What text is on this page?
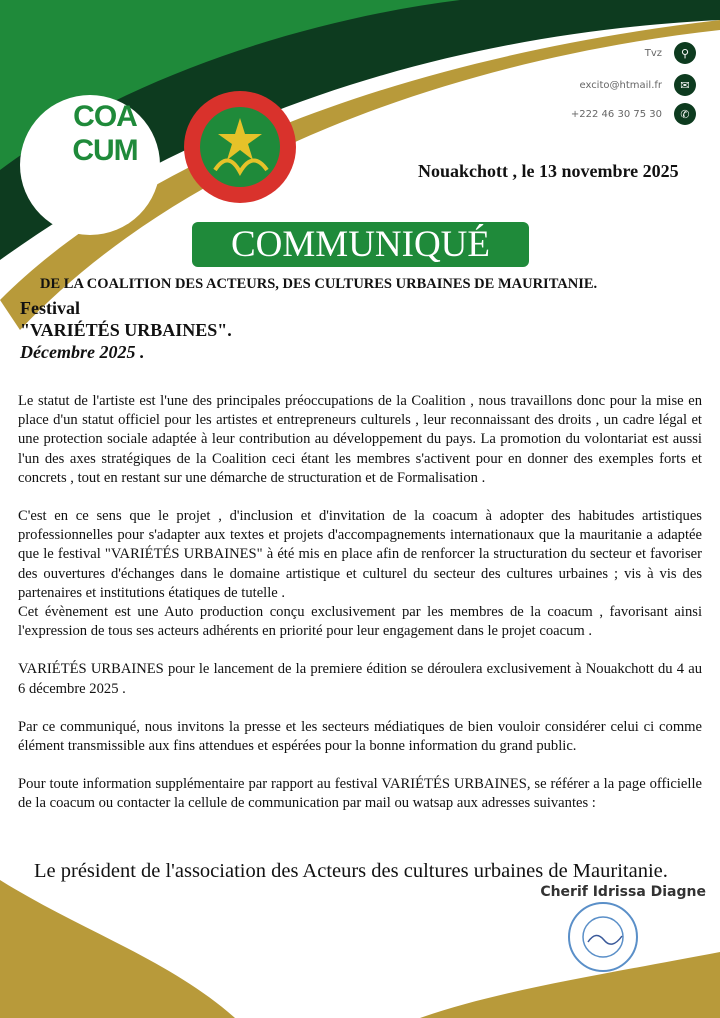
Tvz	⚲
excito@htmail.fr	✉
+222 46 30 75 30	✆
COA
CUM
Nouakchott , le 13 novembre 2025
COMMUNIQUÉ
DE LA COALITION DES ACTEURS, DES CULTURES URBAINES DE MAURITANIE.
Festival
"VARIÉTÉS URBAINES".
Décembre 2025 .

Le statut de l'artiste est l'une des principales préoccupations de la Coalition , nous travaillons donc pour la mise en place d'un statut officiel pour les artistes et entrepreneurs culturels , leur reconnaissant des droits , un cadre légal et une protection sociale adaptée à leur contribution au développement du pays. La promotion du volontariat est aussi l'un des axes stratégiques de la Coalition ceci étant les membres s'activent pour en donner des exemples forts et concrets , tout en restant sur une démarche de structuration et de Formalisation .

C'est en ce sens que le projet , d'inclusion et d'invitation de la coacum à adopter des habitudes artistiques professionnelles pour s'adapter aux textes et projets d'accompagnements internationaux que la mauritanie a adaptée que le festival "VARIÉTÉS URBAINES" à été mis en place afin de renforcer la structuration du secteur et favoriser des ouvertures d'échanges dans le domaine artistique et culturel du secteur des cultures urbaines ; vis à vis des partenaires et institutions étatiques de tutelle .

Cet évènement est une Auto production conçu exclusivement par les membres de la coacum , favorisant ainsi l'expression de tous ses acteurs adhérents en priorité pour leur engagement dans le projet coacum .

VARIÉTÉS URBAINES pour le lancement de la premiere édition se déroulera exclusivement à Nouakchott du 4 au 6 décembre 2025 .

Par ce communiqué, nous invitons la presse et les secteurs médiatiques de bien vouloir considérer celui ci comme élément transmissible aux fins attendues et espérées pour la bonne information du grand public.

Pour toute information supplémentaire par rapport au festival VARIÉTÉS URBAINES, se référer a la page officielle de la coacum ou contacter la cellule de communication par mail ou watsap aux adresses suivantes :

Le président de l'association des Acteurs des cultures urbaines de Mauritanie.
Cherif Idrissa Diagne
